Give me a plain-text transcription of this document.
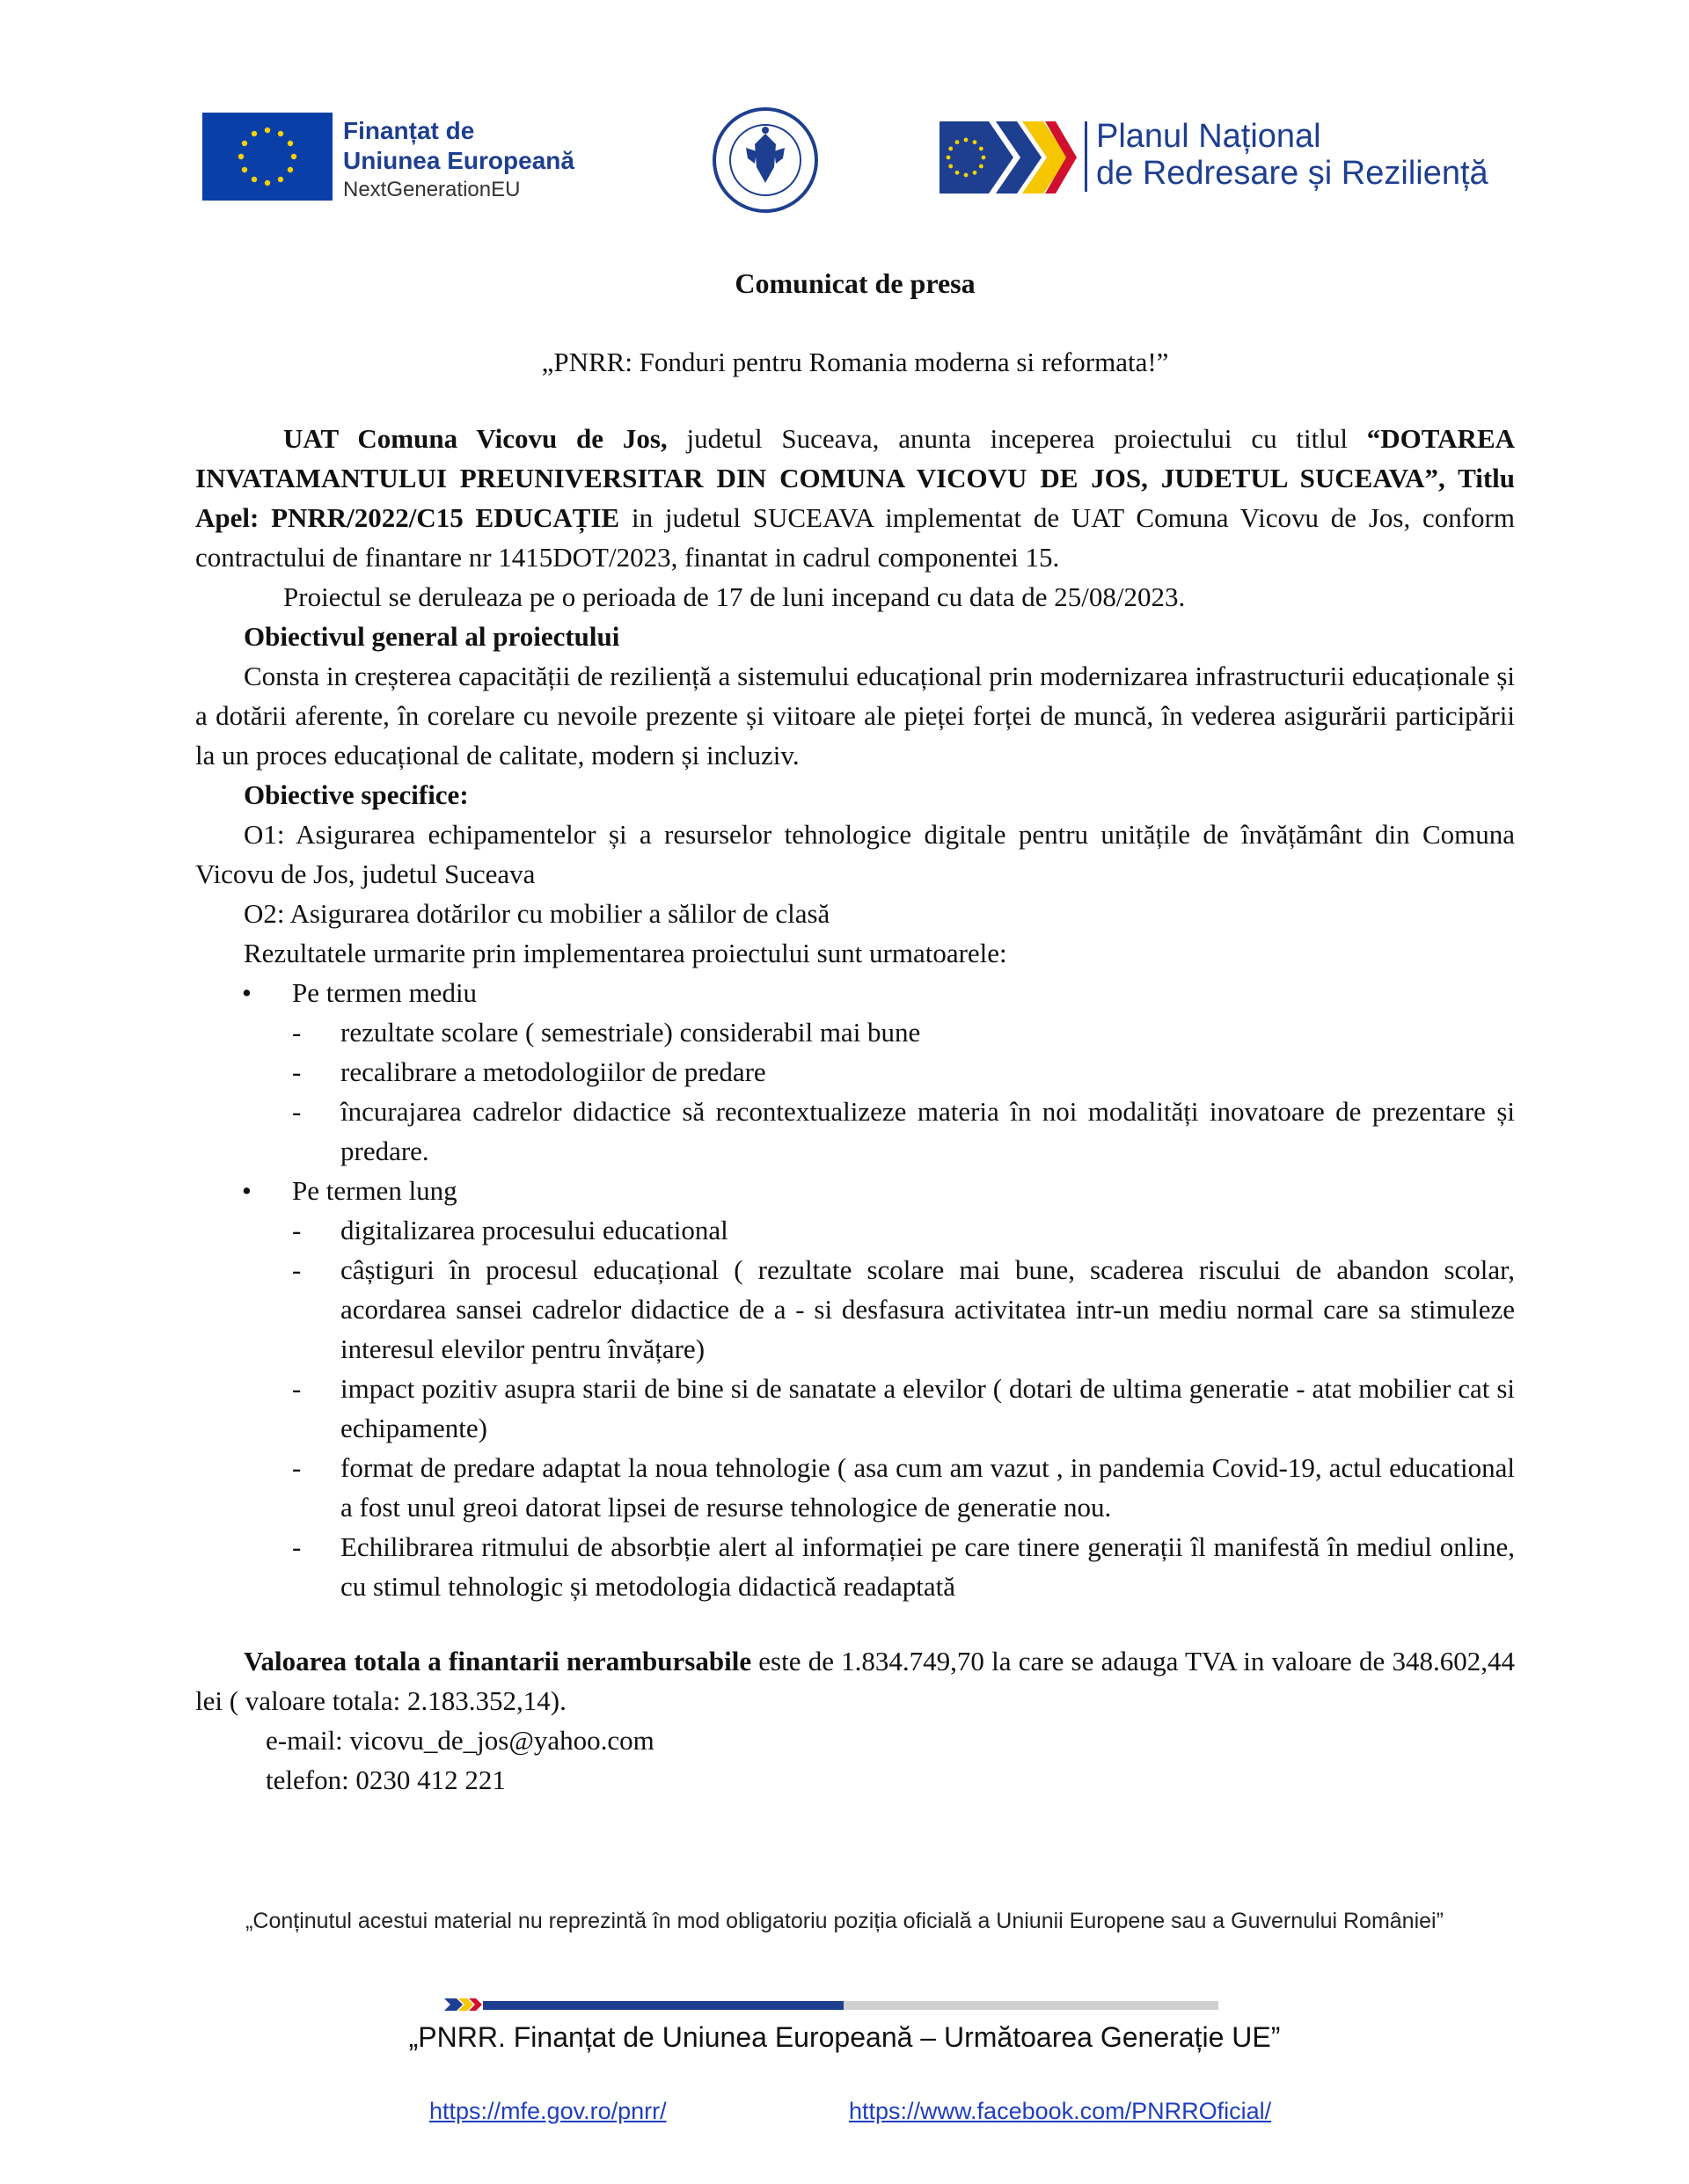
Finanțat de
Uniunea Europeană
NextGenerationEU
Planul Național
de Redresare și Reziliență
Comunicat de presa
„PNRR: Fonduri pentru Romania moderna si reformata!”

UAT Comuna Vicovu de Jos, judetul Suceava, anunta inceperea proiectului cu titlul “DOTAREA INVATAMANTULUI PREUNIVERSITAR DIN COMUNA VICOVU DE JOS, JUDETUL SUCEAVA”, Titlu Apel: PNRR/2022/C15 EDUCAȚIE in judetul SUCEAVA implementat de UAT Comuna Vicovu de Jos, conform contractului de finantare nr 1415DOT/2023, finantat in cadrul componentei 15.

Proiectul se deruleaza pe o perioada de 17 de luni incepand cu data de 25/08/2023.

Obiectivul general al proiectului

Consta in creșterea capacității de reziliență a sistemului educațional prin modernizarea infrastructurii educaționale și a dotării aferente, în corelare cu nevoile prezente și viitoare ale pieței forței de muncă, în vederea asigurării participării la un proces educațional de calitate, modern și incluziv.

Obiective specifice:

O1: Asigurarea echipamentelor și a resurselor tehnologice digitale pentru unitățile de învățământ din Comuna Vicovu de Jos, judetul Suceava

O2: Asigurarea dotărilor cu mobilier a sălilor de clasă

Rezultatele urmarite prin implementarea proiectului sunt urmatoarele:

• Pe termen mediu
- rezultate scolare ( semestriale) considerabil mai bune
- recalibrare a metodologiilor de predare
- încurajarea cadrelor didactice să recontextualizeze materia în noi modalități inovatoare de prezentare și predare.
• Pe termen lung
- digitalizarea procesului educational
- câștiguri în procesul educațional ( rezultate scolare mai bune, scaderea riscului de abandon scolar, acordarea sansei cadrelor didactice de a - si desfasura activitatea intr-un mediu normal care sa stimuleze interesul elevilor pentru învățare)
- impact pozitiv asupra starii de bine si de sanatate a elevilor ( dotari de ultima generatie - atat mobilier cat si echipamente)
- format de predare adaptat la noua tehnologie ( asa cum am vazut , in pandemia Covid-19, actul educational a fost unul greoi datorat lipsei de resurse tehnologice de generatie nou.
- Echilibrarea ritmului de absorbție alert al informației pe care tinere generații îl manifestă în mediul online, cu stimul tehnologic și metodologia didactică readaptată

Valoarea totala a finantarii nerambursabile este de 1.834.749,70 la care se adauga TVA in valoare de 348.602,44 lei ( valoare totala: 2.183.352,14).

e-mail: vicovu_de_jos@yahoo.com

telefon: 0230 412 221

„Conținutul acestui material nu reprezintă în mod obligatoriu poziția oficială a Uniunii Europene sau a Guvernului României”
„PNRR. Finanțat de Uniunea Europeană – Următoarea Generație UE”
https://mfe.gov.ro/pnrr/	https://www.facebook.com/PNRROficial/
